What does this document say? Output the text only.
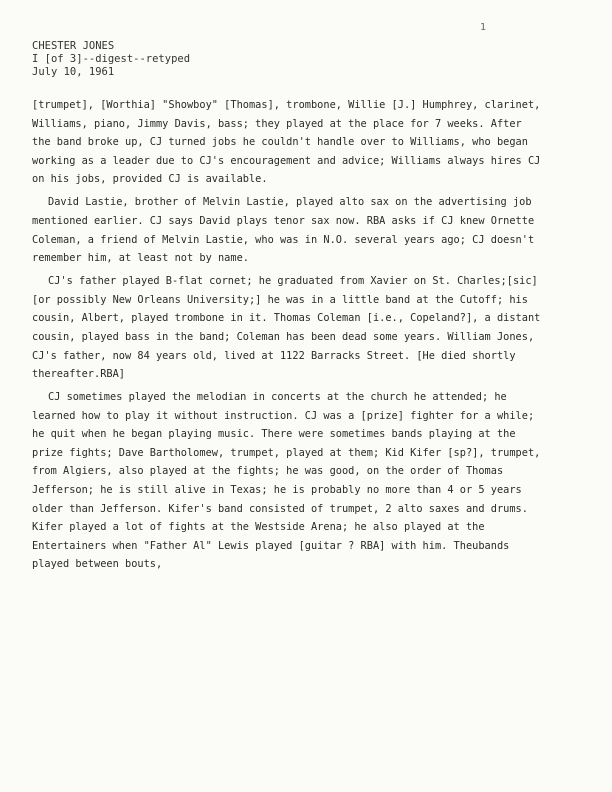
1
CHESTER JONES
I [of 3]--digest--retyped
July 10, 1961

[trumpet], [Worthia] "Showboy" [Thomas], trombone, Willie [J.] Humphrey, clarinet, Williams, piano, Jimmy Davis, bass; they played at the place for 7 weeks. After the band broke up, CJ turned jobs he couldn't handle over to Williams, who began working as a leader due to CJ's encouragement and advice; Williams always hires CJ on his jobs, provided CJ is available.

David Lastie, brother of Melvin Lastie, played alto sax on the advertising job mentioned earlier. CJ says David plays tenor sax now. RBA asks if CJ knew Ornette Coleman, a friend of Melvin Lastie, who was in N.O. several years ago; CJ doesn't remember him, at least not by name.

CJ's father played B-flat cornet; he graduated from Xavier on St. Charles;[sic] [or possibly New Orleans University;] he was in a little band at the Cutoff; his cousin, Albert, played trombone in it. Thomas Coleman [i.e., Copeland?], a distant cousin, played bass in the band; Coleman has been dead some years. William Jones, CJ's father, now 84 years old, lived at 1122 Barracks Street. [He died shortly thereafter.RBA]

CJ sometimes played the melodian in concerts at the church he attended; he learned how to play it without instruction. CJ was a [prize] fighter for a while; he quit when he began playing music. There were sometimes bands playing at the prize fights; Dave Bartholomew, trumpet, played at them; Kid Kifer [sp?], trumpet, from Algiers, also played at the fights; he was good, on the order of Thomas Jefferson; he is still alive in Texas; he is probably no more than 4 or 5 years older than Jefferson. Kifer's band consisted of trumpet, 2 alto saxes and drums. Kifer played a lot of fights at the Westside Arena; he also played at the Entertainers when "Father Al" Lewis played [guitar ? RBA] with him. Theubands played between bouts,
